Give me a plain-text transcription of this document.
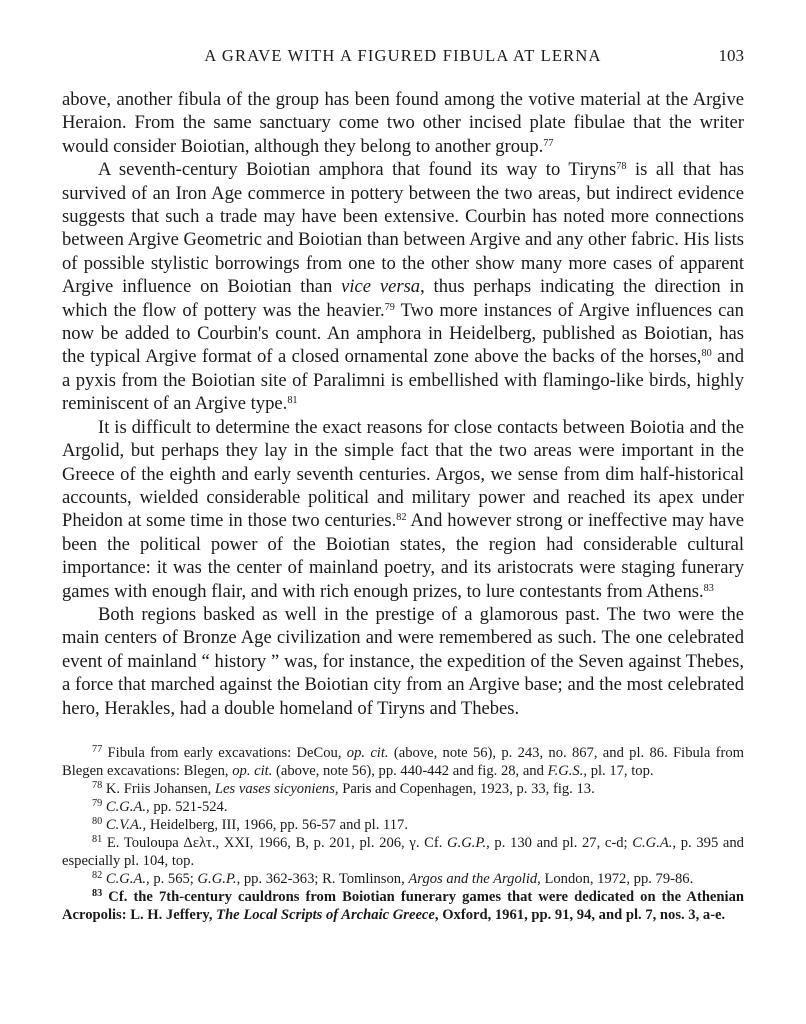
A GRAVE WITH A FIGURED FIBULA AT LERNA	103

above, another fibula of the group has been found among the votive material at the Argive Heraion. From the same sanctuary come two other incised plate fibulae that the writer would consider Boiotian, although they belong to another group.$^{77}$

A seventh-century Boiotian amphora that found its way to Tiryns$^{78}$ is all that has survived of an Iron Age commerce in pottery between the two areas, but indirect evidence suggests that such a trade may have been extensive. Courbin has noted more connections between Argive Geometric and Boiotian than between Argive and any other fabric. His lists of possible stylistic borrowings from one to the other show many more cases of apparent Argive influence on Boiotian than vice versa, thus perhaps indicating the direction in which the flow of pottery was the heavier.$^{79}$ Two more instances of Argive influences can now be added to Courbin's count. An amphora in Heidelberg, published as Boiotian, has the typical Argive format of a closed ornamental zone above the backs of the horses,$^{80}$ and a pyxis from the Boiotian site of Paralimni is embellished with flamingo-like birds, highly reminiscent of an Argive type.$^{81}$

It is difficult to determine the exact reasons for close contacts between Boiotia and the Argolid, but perhaps they lay in the simple fact that the two areas were important in the Greece of the eighth and early seventh centuries. Argos, we sense from dim half-historical accounts, wielded considerable political and military power and reached its apex under Pheidon at some time in those two centuries.$^{82}$ And however strong or ineffective may have been the political power of the Boiotian states, the region had considerable cultural importance: it was the center of mainland poetry, and its aristocrats were staging funerary games with enough flair, and with rich enough prizes, to lure contestants from Athens.$^{83}$

Both regions basked as well in the prestige of a glamorous past. The two were the main centers of Bronze Age civilization and were remembered as such. The one celebrated event of mainland “ history ” was, for instance, the expedition of the Seven against Thebes, a force that marched against the Boiotian city from an Argive base; and the most celebrated hero, Herakles, had a double homeland of Tiryns and Thebes.

$^{77}$ Fibula from early excavations: DeCou, op. cit. (above, note 56), p. 243, no. 867, and pl. 86. Fibula from Blegen excavations: Blegen, op. cit. (above, note 56), pp. 440-442 and fig. 28, and F.G.S., pl. 17, top.
$^{78}$ K. Friis Johansen, Les vases sicyoniens, Paris and Copenhagen, 1923, p. 33, fig. 13.
$^{79}$ C.G.A., pp. 521-524.
$^{80}$ C.V.A., Heidelberg, III, 1966, pp. 56-57 and pl. 117.
$^{81}$ E. Touloupa Δελτ., XXI, 1966, B, p. 201, pl. 206, γ. Cf. G.G.P., p. 130 and pl. 27, c-d; C.G.A., p. 395 and especially pl. 104, top.
$^{82}$ C.G.A., p. 565; G.G.P., pp. 362-363; R. Tomlinson, Argos and the Argolid, London, 1972, pp. 79-86.
$^{83}$ Cf. the 7th-century cauldrons from Boiotian funerary games that were dedicated on the Athenian Acropolis: L. H. Jeffery, The Local Scripts of Archaic Greece, Oxford, 1961, pp. 91, 94, and pl. 7, nos. 3, a-e.
